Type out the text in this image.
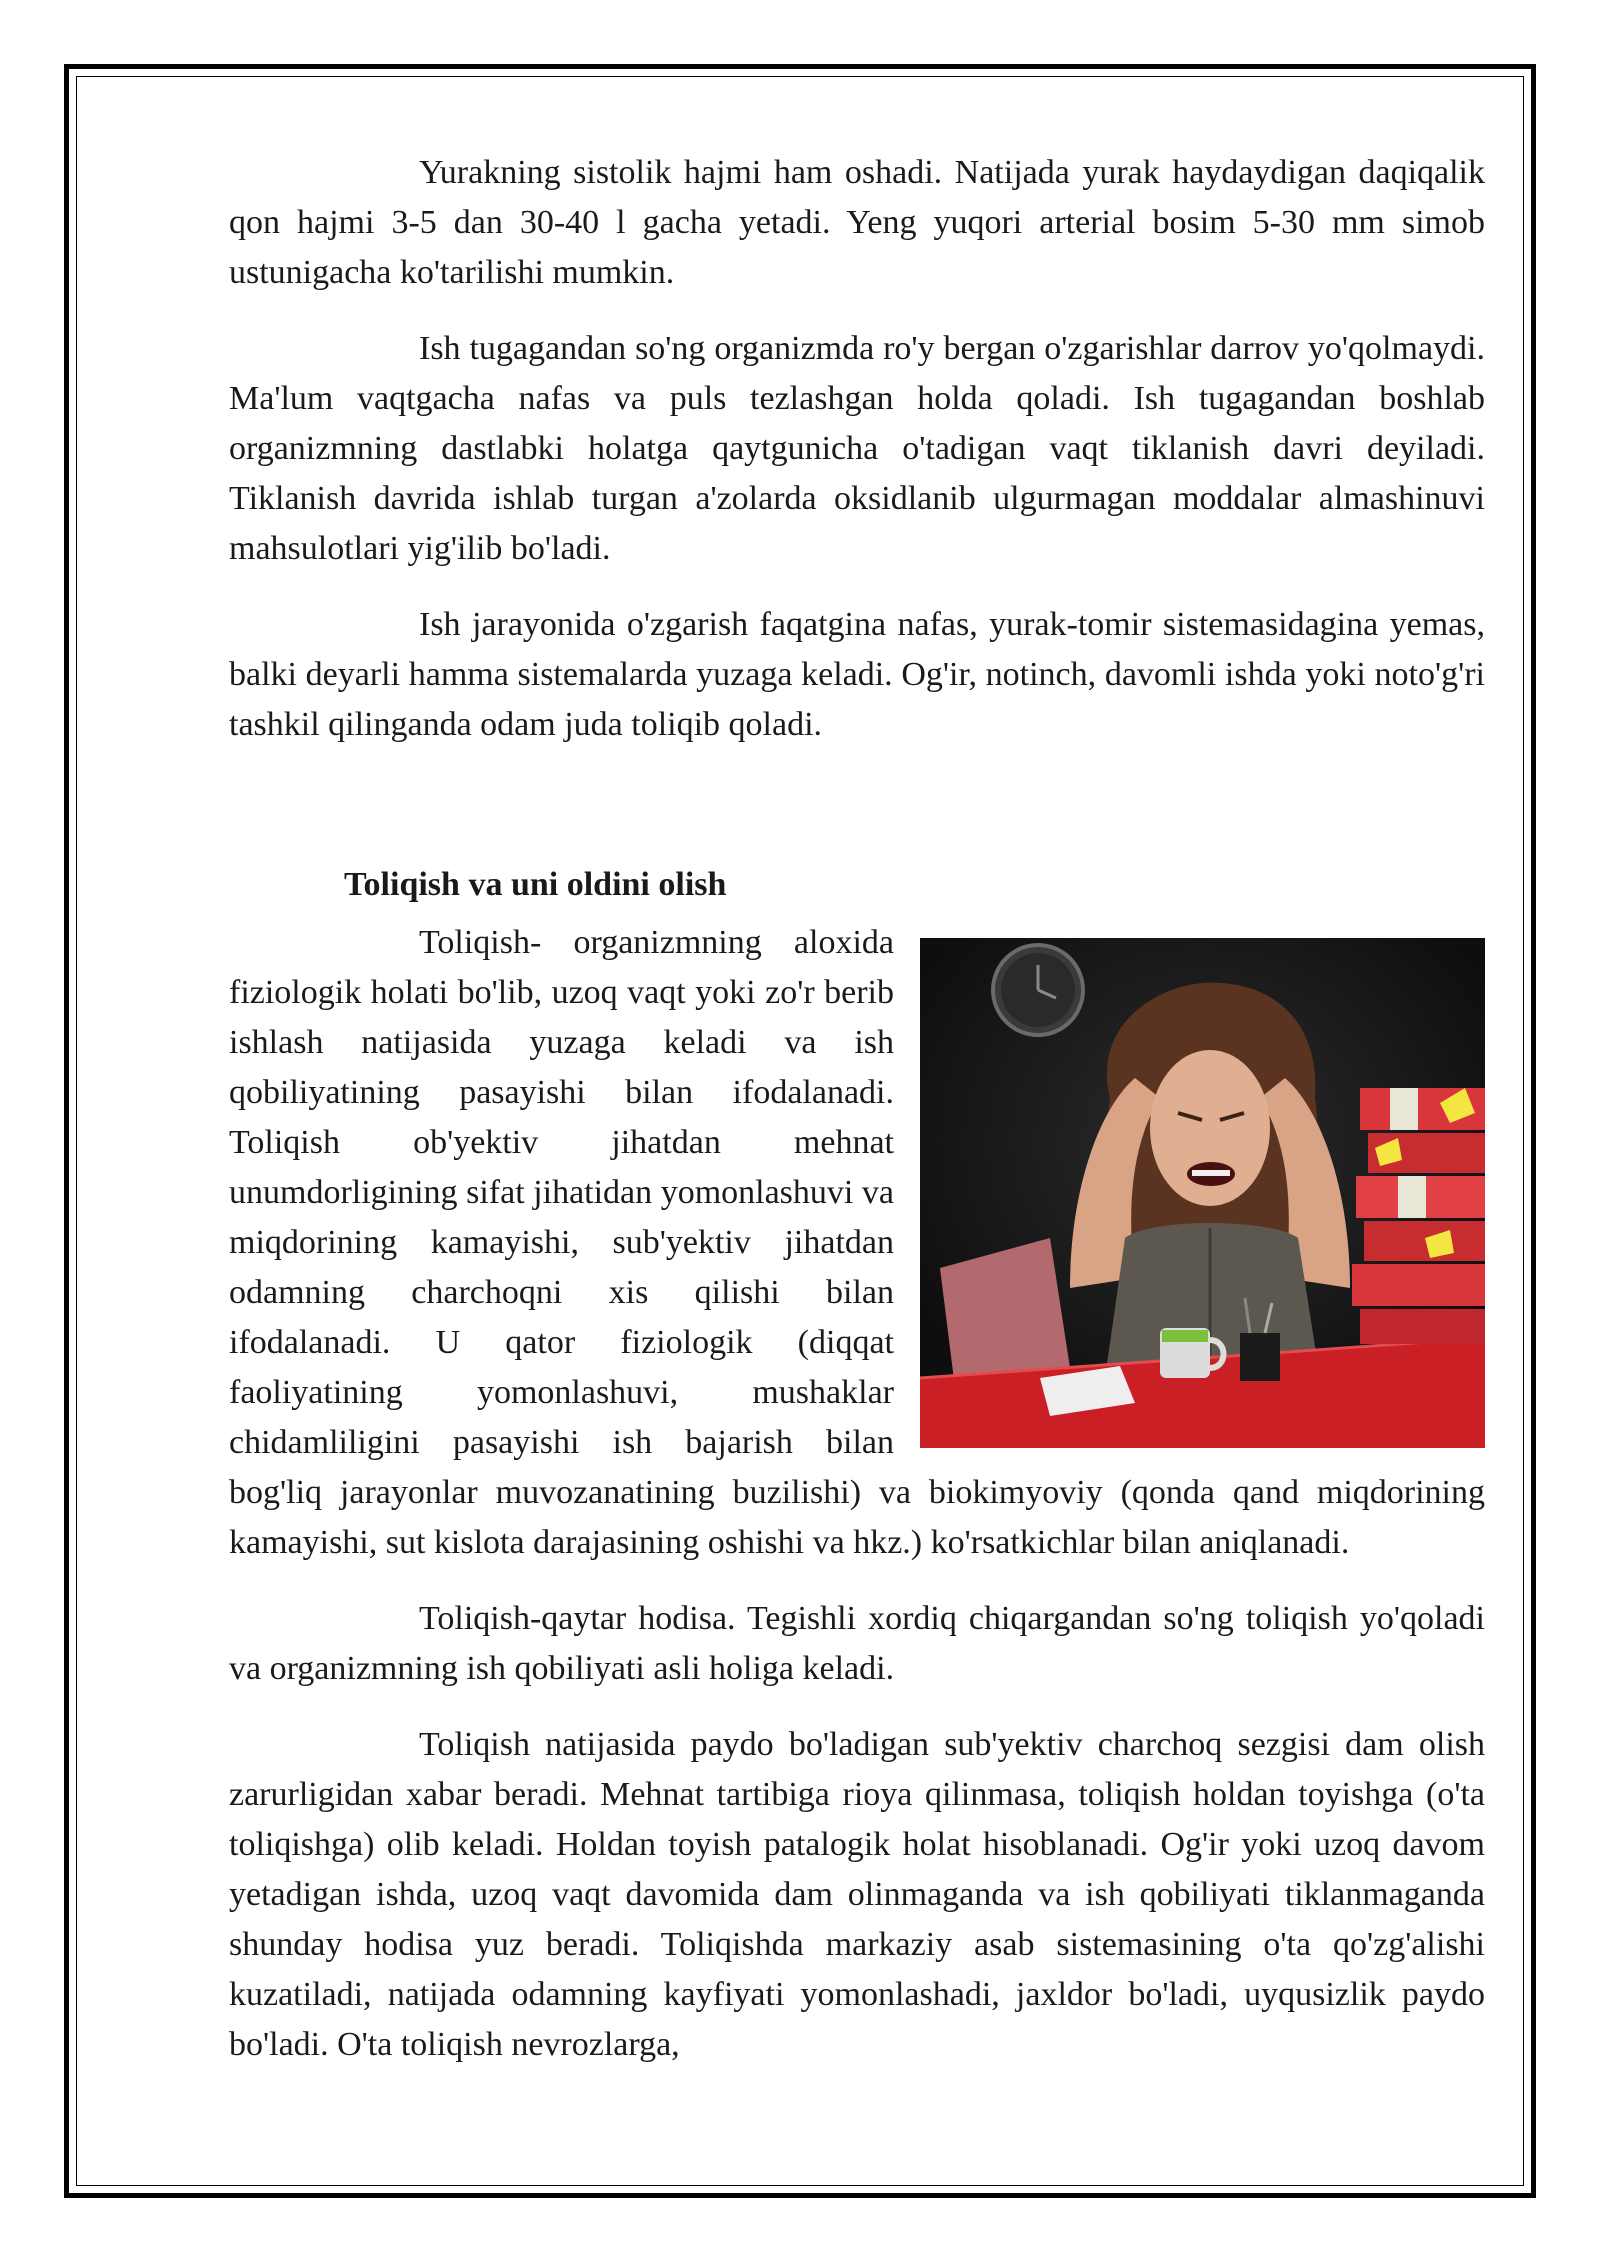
Yurakning sistolik hajmi ham oshadi. Natijada yurak haydaydigan daqiqalik qon hajmi 3-5 dan 30-40 l gacha yetadi. Yeng yuqori arterial bosim 5-30 mm simob ustunigacha ko'tarilishi mumkin.

Ish tugagandan so'ng organizmda ro'y bergan o'zgarishlar darrov yo'qolmaydi. Ma'lum vaqtgacha nafas va puls tezlashgan holda qoladi. Ish tugagandan boshlab organizmning dastlabki holatga qaytgunicha o'tadigan vaqt tiklanish davri deyiladi. Tiklanish davrida ishlab turgan a'zolarda oksidlanib ulgurmagan moddalar almashinuvi mahsulotlari yig'ilib bo'ladi.

Ish jarayonida o'zgarish faqatgina nafas, yurak-tomir sistemasidagina yemas, balki deyarli hamma sistemalarda yuzaga keladi. Og'ir, notinch, davomli ishda yoki noto'g'ri tashkil qilinganda odam juda toliqib qoladi.

Toliqish va uni oldini olish

Toliqish- organizmning aloxida fiziologik holati bo'lib, uzoq vaqt yoki zo'r berib ishlash natijasida yuzaga keladi va ish qobiliyatining pasayishi bilan ifodalanadi. Toliqish ob'yektiv jihatdan mehnat unumdorligining sifat jihatidan yomonlashuvi va miqdorining kamayishi, sub'yektiv jihatdan odamning charchoqni xis qilishi bilan ifodalanadi. U qator fiziologik (diqqat faoliyatining yomonlashuvi, mushaklar chidamliligini pasayishi ish bajarish bilan bog'liq jarayonlar muvozanatining buzilishi) va biokimyoviy (qonda qand miqdorining kamayishi, sut kislota darajasining oshishi va hkz.) ko'rsatkichlar bilan aniqlanadi.

Toliqish-qaytar hodisa. Tegishli xordiq chiqargandan so'ng toliqish yo'qoladi va organizmning ish qobiliyati asli holiga keladi.

Toliqish natijasida paydo bo'ladigan sub'yektiv charchoq sezgisi dam olish zarurligidan xabar beradi. Mehnat tartibiga rioya qilinmasa, toliqish holdan toyishga (o'ta toliqishga) olib keladi. Holdan toyish patalogik holat hisoblanadi. Og'ir yoki uzoq davom yetadigan ishda, uzoq vaqt davomida dam olinmaganda va ish qobiliyati tiklanmaganda shunday hodisa yuz beradi. Toliqishda markaziy asab sistemasining o'ta qo'zg'alishi kuzatiladi, natijada odamning kayfiyati yomonlashadi, jaxldor bo'ladi, uyqusizlik paydo bo'ladi. O'ta toliqish nevrozlarga,
